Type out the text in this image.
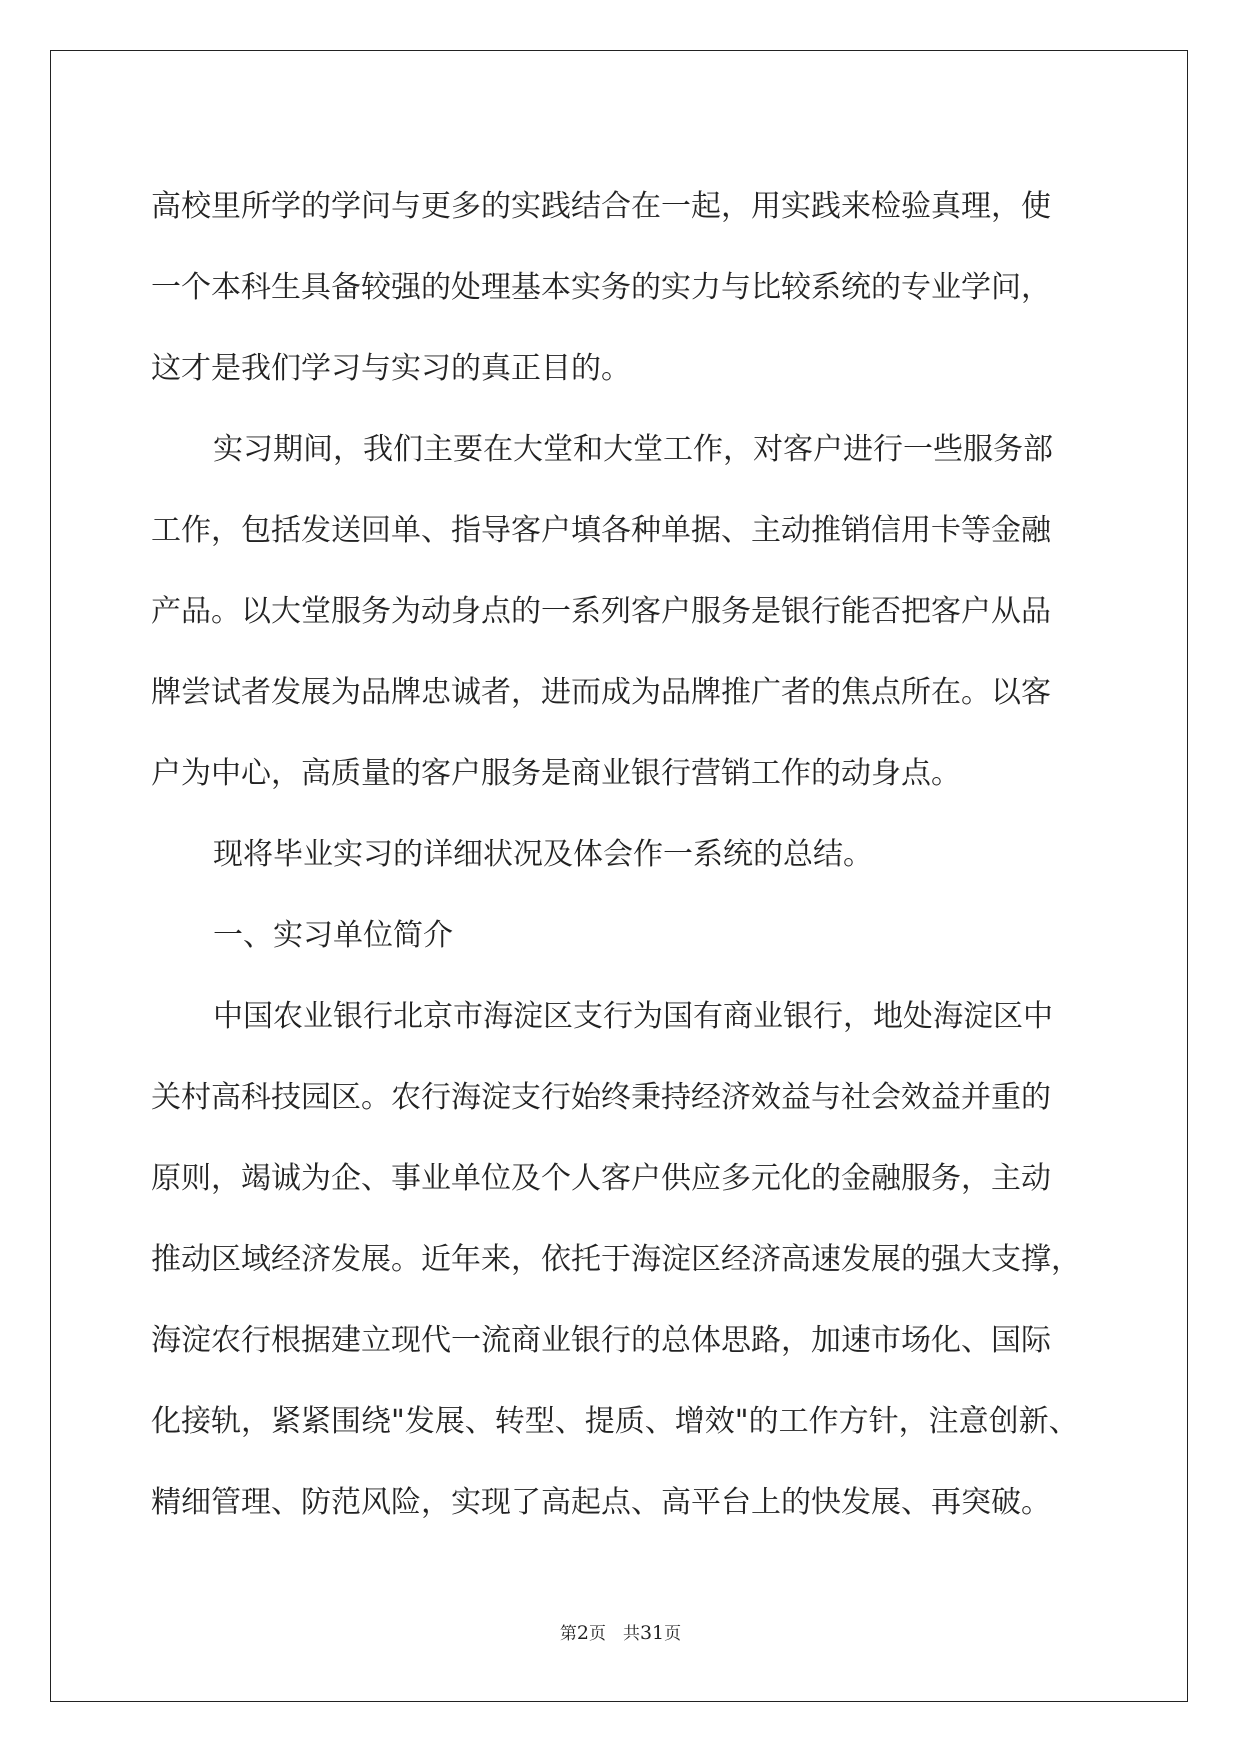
高校里所学的学问与更多的实践结合在一起，用实践来检验真理，使
一个本科生具备较强的处理基本实务的实力与比较系统的专业学问，
这才是我们学习与实习的真正目的。
实习期间，我们主要在大堂和大堂工作，对客户进行一些服务部
工作，包括发送回单、指导客户填各种单据、主动推销信用卡等金融
产品。以大堂服务为动身点的一系列客户服务是银行能否把客户从品
牌尝试者发展为品牌忠诚者，进而成为品牌推广者的焦点所在。以客
户为中心，高质量的客户服务是商业银行营销工作的动身点。
现将毕业实习的详细状况及体会作一系统的总结。
一、实习单位简介
中国农业银行北京市海淀区支行为国有商业银行，地处海淀区中
关村高科技园区。农行海淀支行始终秉持经济效益与社会效益并重的
原则，竭诚为企、事业单位及个人客户供应多元化的金融服务，主动
推动区域经济发展。近年来，依托于海淀区经济高速发展的强大支撑，
海淀农行根据建立现代一流商业银行的总体思路，加速市场化、国际
化接轨，紧紧围绕"发展、转型、提质、增效"的工作方针，注意创新、
精细管理、防范风险，实现了高起点、高平台上的快发展、再突破。
第2页　共31页
